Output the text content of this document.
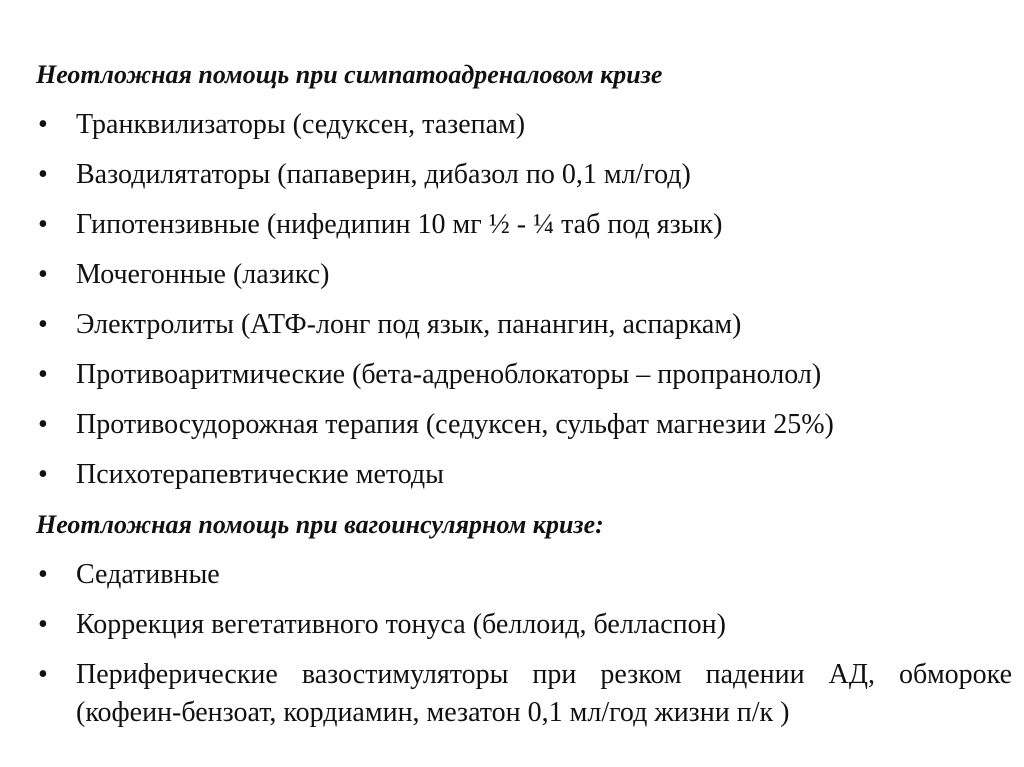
Неотложная помощь при симпатоадреналовом кризе
• Транквилизаторы (седуксен, тазепам)
• Вазодилятаторы (папаверин, дибазол по 0,1 мл/год)
• Гипотензивные (нифедипин 10 мг ½ - ¼ таб под язык)
• Мочегонные (лазикс)
• Электролиты (АТФ-лонг под язык, панангин, аспаркам)
• Противоаритмические (бета-адреноблокаторы – пропранолол)
• Противосудорожная терапия (седуксен, сульфат магнезии 25%)
• Психотерапевтические методы
Неотложная помощь при вагоинсулярном кризе:
• Седативные
• Коррекция вегетативного тонуса (беллоид, белласпон)
• Периферические вазостимуляторы при резком падении АД, обмороке (кофеин-бензоат, кордиамин, мезатон 0,1 мл/год жизни п/к )
